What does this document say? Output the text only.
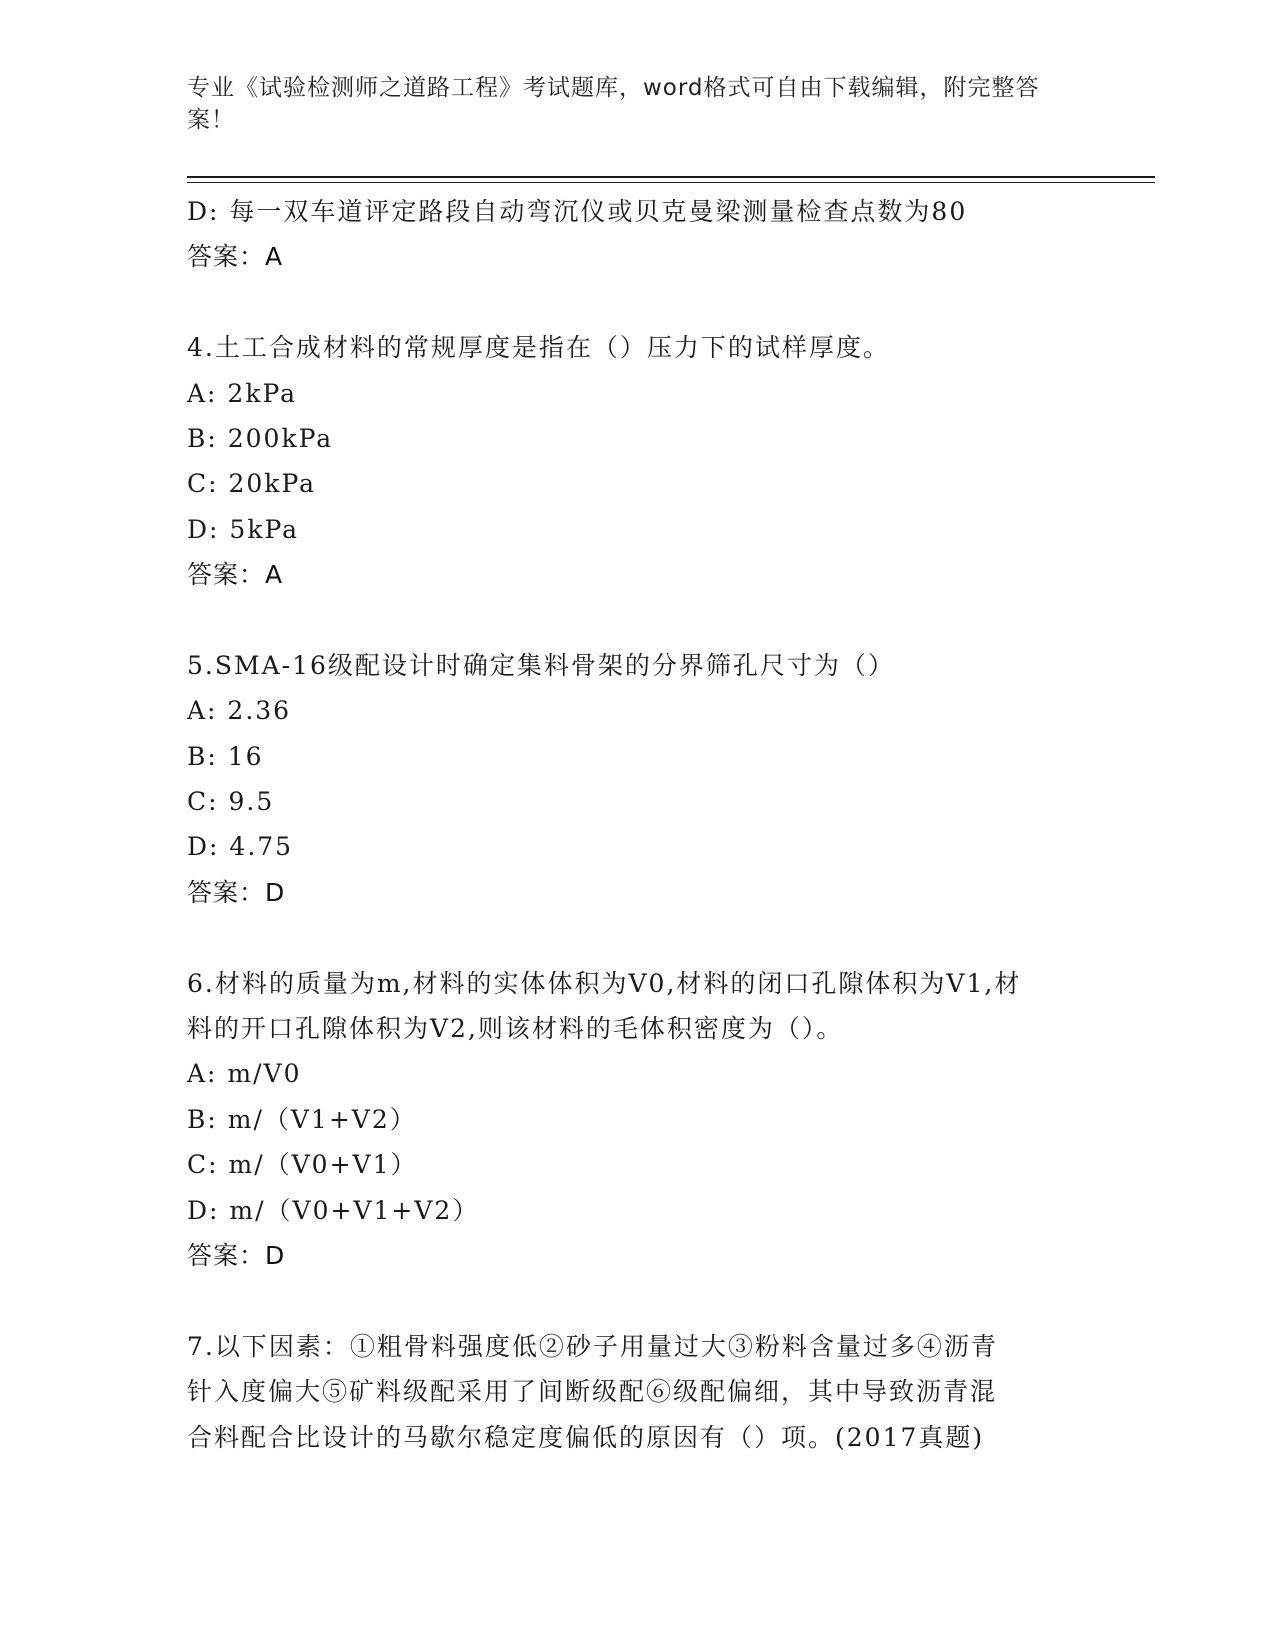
专业《试验检测师之道路工程》考试题库，word格式可自由下载编辑，附完整答案！
D: 每一双车道评定路段自动弯沉仪或贝克曼梁测量检查点数为80
答案：A
4.土工合成材料的常规厚度是指在（）压力下的试样厚度。
A: 2kPa
B: 200kPa
C: 20kPa
D: 5kPa
答案：A
5.SMA-16级配设计时确定集料骨架的分界筛孔尺寸为（）
A: 2.36
B: 16
C: 9.5
D: 4.75
答案：D
6.材料的质量为m,材料的实体体积为V0,材料的闭口孔隙体积为V1,材
料的开口孔隙体积为V2,则该材料的毛体积密度为（）。
A: m/V0
B: m/（V1+V2）
C: m/（V0+V1）
D: m/（V0+V1+V2）
答案：D
7.以下因素：①粗骨料强度低②砂子用量过大③粉料含量过多④沥青
针入度偏大⑤矿料级配采用了间断级配⑥级配偏细，其中导致沥青混
合料配合比设计的马歇尔稳定度偏低的原因有（）项。(2017真题)
